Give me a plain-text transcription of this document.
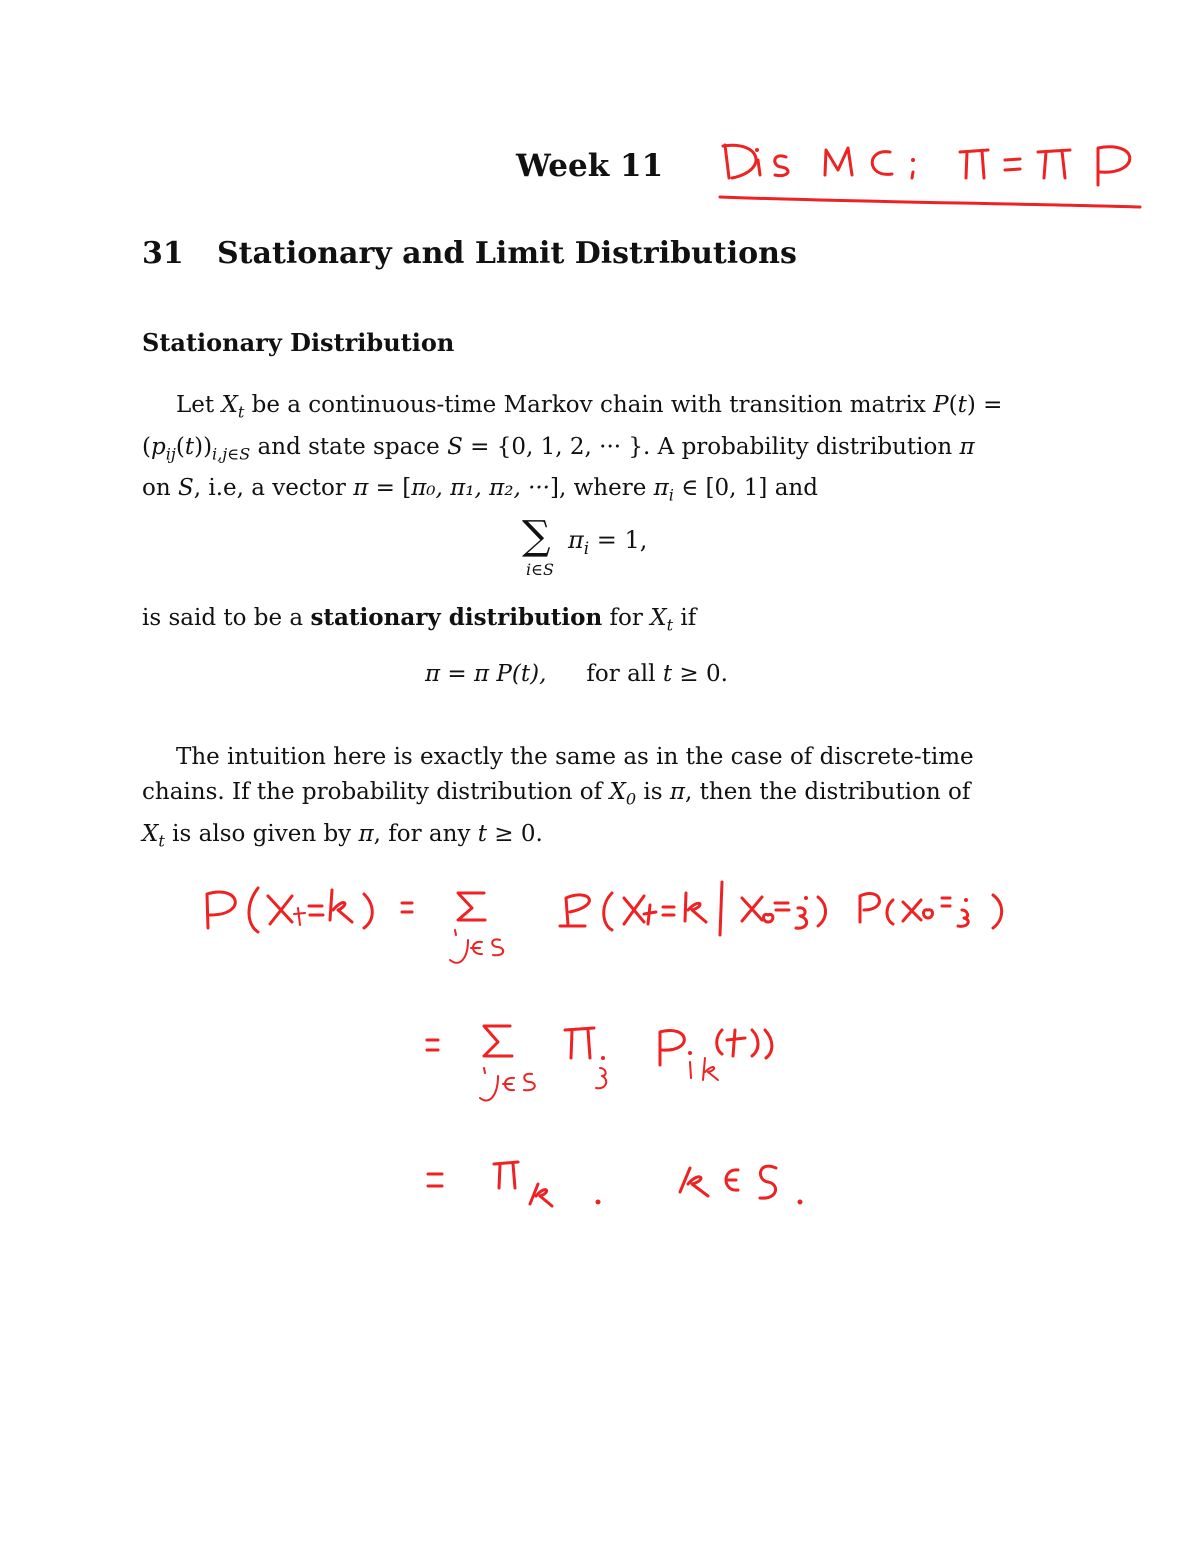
Week 11
31 Stationary and Limit Distributions
Stationary Distribution
Let $X_t$ be a continuous-time Markov chain with transition matrix P(t) =
$(p_{ij}(t))_{i,j\in S}$ and state space S = {0, 1, 2, ··· }. A probability distribution π
on S, i.e, a vector π = [π₀, π₁, π₂, ···], where $\pi_i$ ∈ [0, 1] and
∑ $\pi_i = 1$,
i∈S
is said to be a stationary distribution for $X_t$ if
π = π P(t), for all t ≥ 0.
The intuition here is exactly the same as in the case of discrete-time
chains. If the probability distribution of $X_0$ is π, then the distribution of
$X_t$ is also given by π, for any t ≥ 0.
